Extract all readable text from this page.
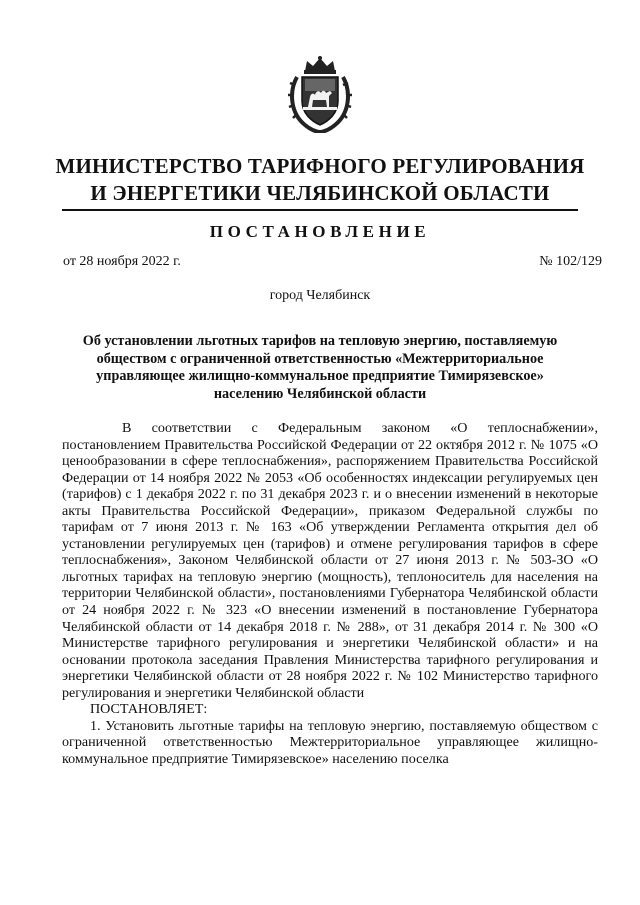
МИНИСТЕРСТВО ТАРИФНОГО РЕГУЛИРОВАНИЯ
И ЭНЕРГЕТИКИ ЧЕЛЯБИНСКОЙ ОБЛАСТИ
ПОСТАНОВЛЕНИЕ
от 28 ноября 2022 г.	№ 102/129
город Челябинск
Об установлении льготных тарифов на тепловую энергию, поставляемую обществом с ограниченной ответственностью «Межтерриториальное управляющее жилищно-коммунальное предприятие Тимирязевское» населению Челябинской области

В соответствии с Федеральным законом «О теплоснабжении», постановлением Правительства Российской Федерации от 22 октября 2012 г. № 1075 «О ценообразовании в сфере теплоснабжения», распоряжением Правительства Российской Федерации от 14 ноября 2022 № 2053 «Об особенностях индексации регулируемых цен (тарифов) с 1 декабря 2022 г. по 31 декабря 2023 г. и о внесении изменений в некоторые акты Правительства Российской Федерации», приказом Федеральной службы по тарифам от 7 июня 2013 г. № 163 «Об утверждении Регламента открытия дел об установлении регулируемых цен (тарифов) и отмене регулирования тарифов в сфере теплоснабжения», Законом Челябинской области от 27 июня 2013 г. № 503-ЗО «О льготных тарифах на тепловую энергию (мощность), теплоноситель для населения на территории Челябинской области», постановлениями Губернатора Челябинской области от 24 ноября 2022 г. № 323 «О внесении изменений в постановление Губернатора Челябинской области от 14 декабря 2018 г. № 288», от 31 декабря 2014 г. № 300 «О Министерстве тарифного регулирования и энергетики Челябинской области» и на основании протокола заседания Правления Министерства тарифного регулирования и энергетики Челябинской области от 28 ноября 2022 г. № 102 Министерство тарифного регулирования и энергетики Челябинской области

ПОСТАНОВЛЯЕТ:

1. Установить льготные тарифы на тепловую энергию, поставляемую обществом с ограниченной ответственностью Межтерриториальное управляющее жилищно-коммунальное предприятие Тимирязевское» населению поселка
